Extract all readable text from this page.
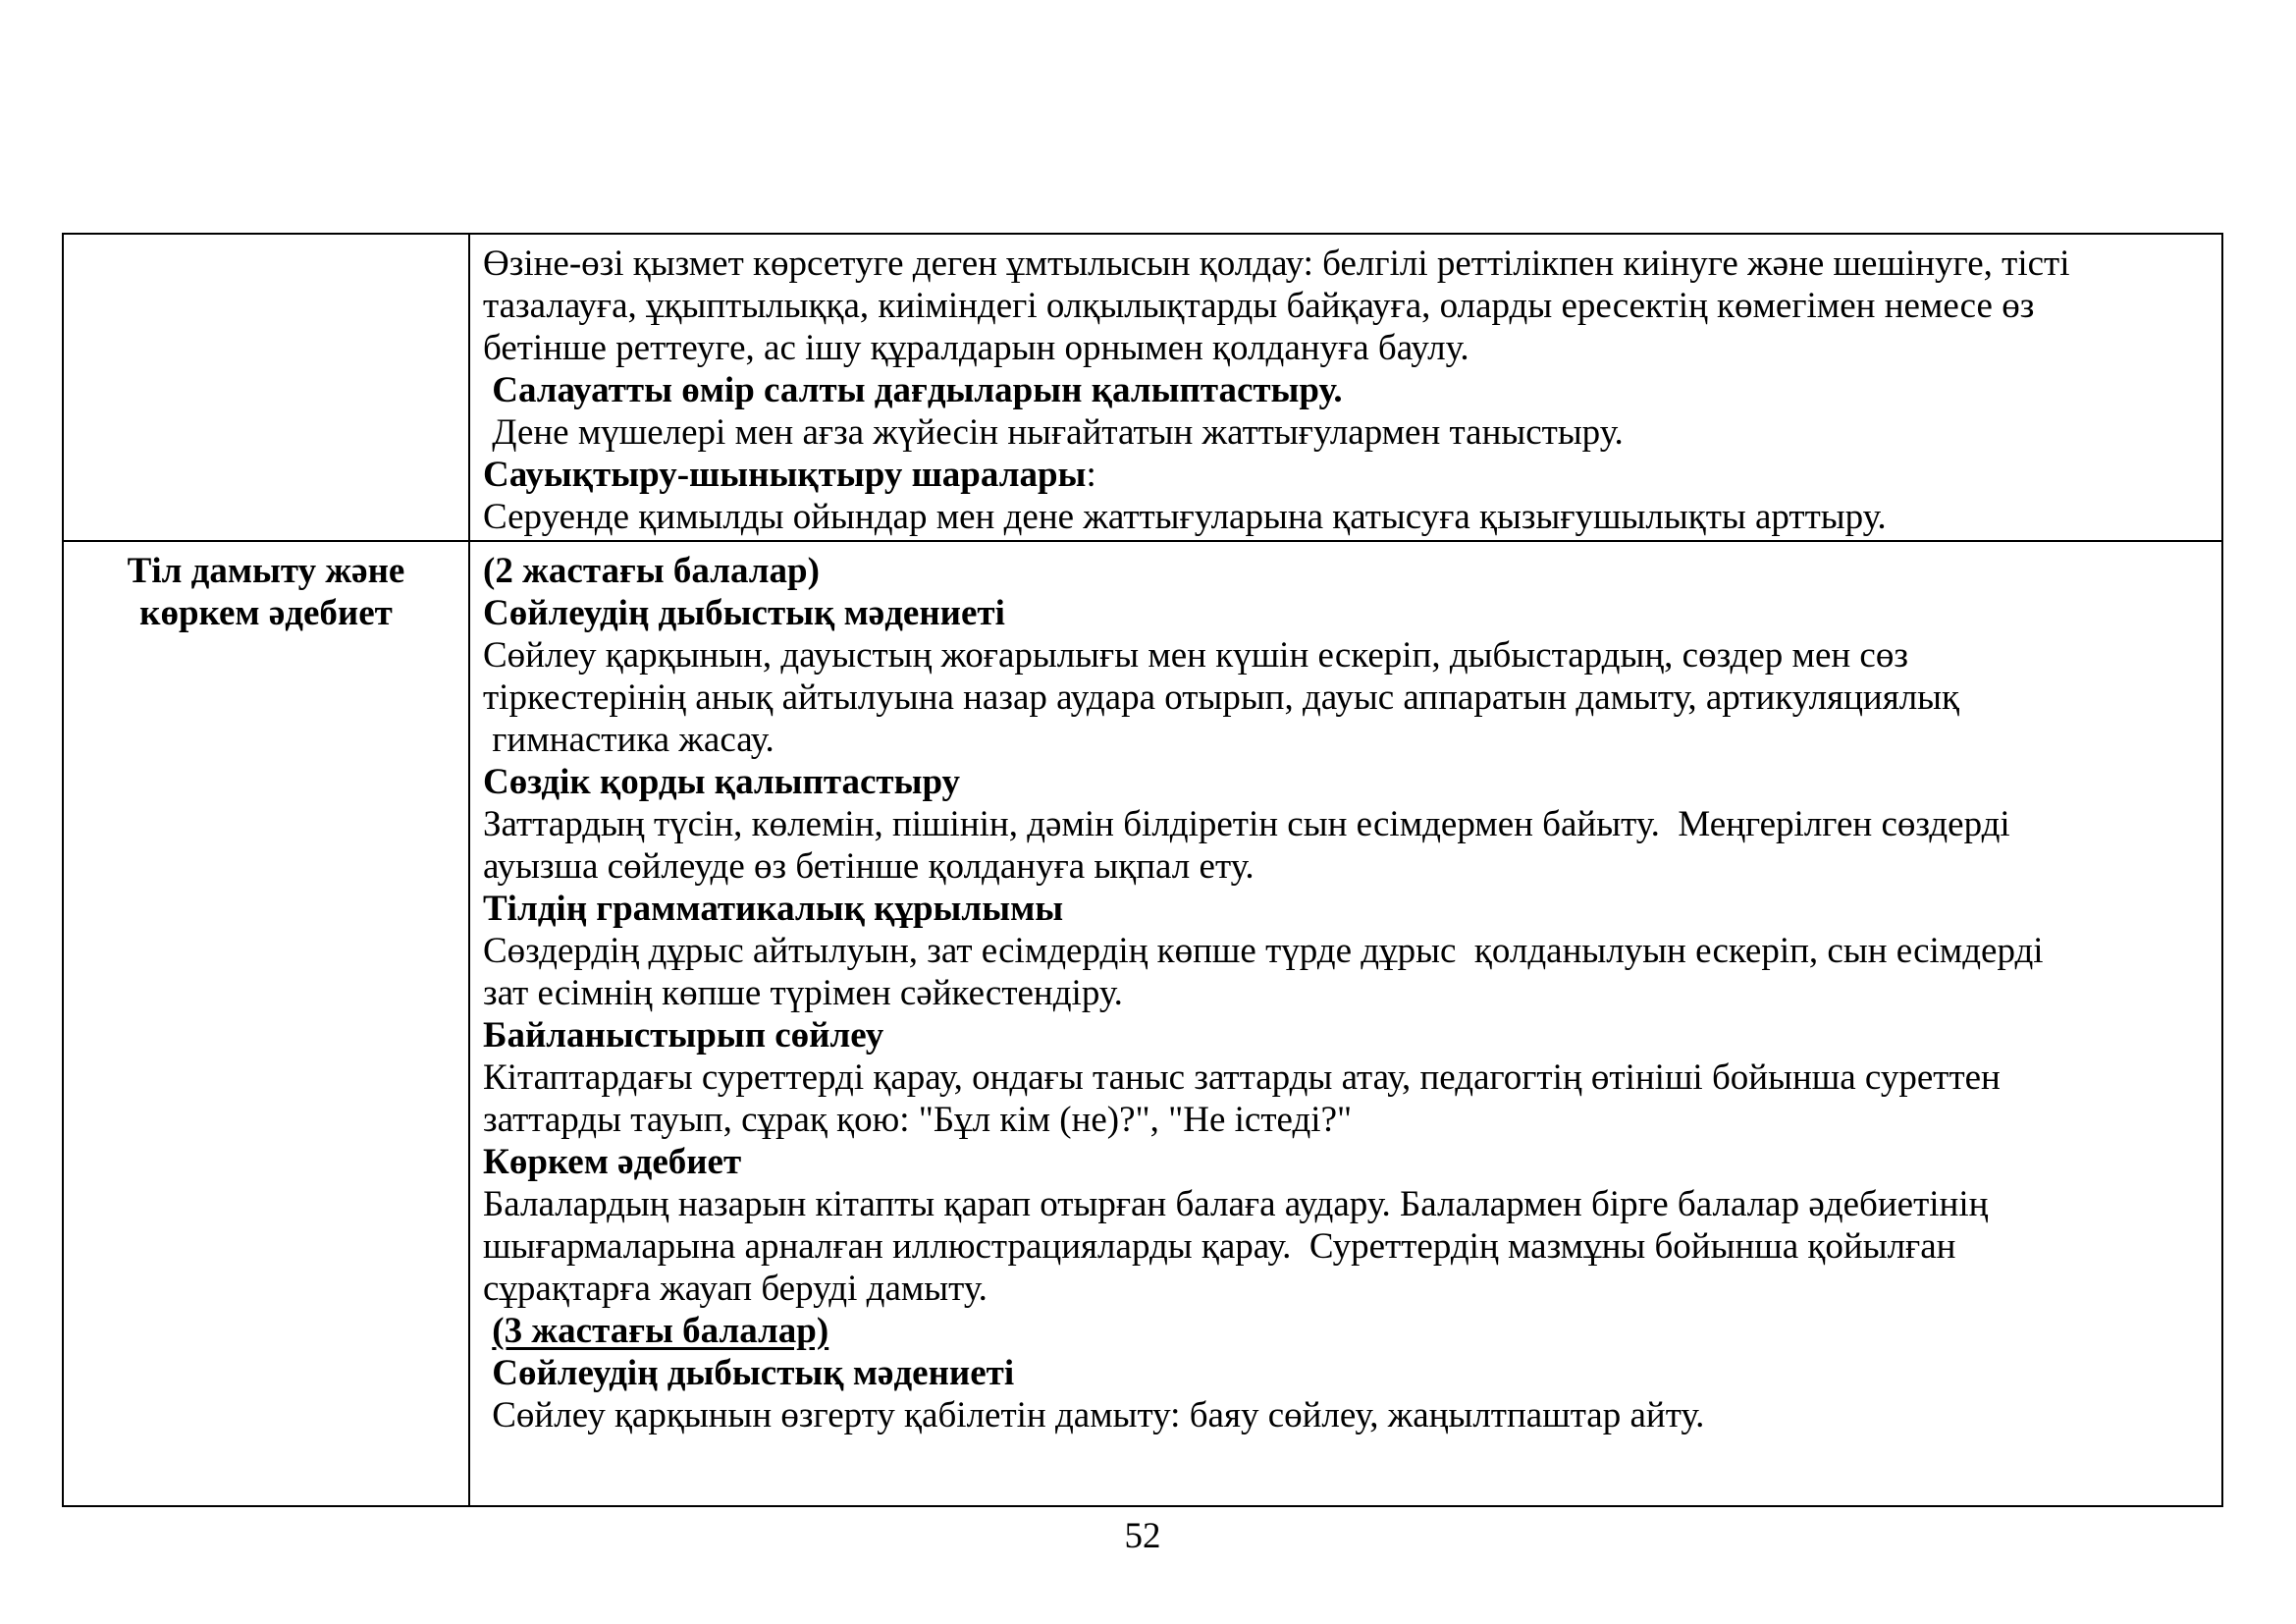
Өзіне-өзі қызмет көрсетуге деген ұмтылысын қолдау: белгілі реттілікпен киінуге және шешінуге, тісті
тазалауға, ұқыптылыққа, киіміндегі олқылықтарды байқауға, оларды ересектің көмегімен немесе өз
бетінше реттеуге, ас ішу құралдарын орнымен қолдануға баулу.
Салауатты өмір салты дағдыларын қалыптастыру.
Дене мүшелері мен ағза жүйесін нығайтатын жаттығулармен таныстыру.
Сауықтыру-шынықтыру шаралары:
Серуенде қимылды ойындар мен дене жаттығуларына қатысуға қызығушылықты арттыру.
Тіл дамыту және
көркем әдебиет
(2 жастағы балалар)
Сөйлеудің дыбыстық мәдениеті
Сөйлеу қарқынын, дауыстың жоғарылығы мен күшін ескеріп, дыбыстардың, сөздер мен сөз
тіркестерінің анық айтылуына назар аудара отырып, дауыс аппаратын дамыту, артикуляциялық
гимнастика жасау.
Сөздік қорды қалыптастыру
Заттардың түсін, көлемін, пішінін, дәмін білдіретін сын есімдермен байыту.  Меңгерілген сөздерді
ауызша сөйлеуде өз бетінше қолдануға ықпал ету.
Тілдің грамматикалық құрылымы
Сөздердің дұрыс айтылуын, зат есімдердің көпше түрде дұрыс  қолданылуын ескеріп, сын есімдерді
зат есімнің көпше түрімен сәйкестендіру.
Байланыстырып сөйлеу
Кітаптардағы суреттерді қарау, ондағы таныс заттарды атау, педагогтің өтініші бойынша суреттен
заттарды тауып, сұрақ қою: "Бұл кім (не)?", "Не істеді?"
Көркем әдебиет
Балалардың назарын кітапты қарап отырған балаға аудару. Балалармен бірге балалар әдебиетінің
шығармаларына арналған иллюстрацияларды қарау.  Суреттердің мазмұны бойынша қойылған
сұрақтарға жауап беруді дамыту.
(3 жастағы балалар)
Сөйлеудің дыбыстық мәдениеті
Сөйлеу қарқынын өзгерту қабілетін дамыту: баяу сөйлеу, жаңылтпаштар айту.
52
